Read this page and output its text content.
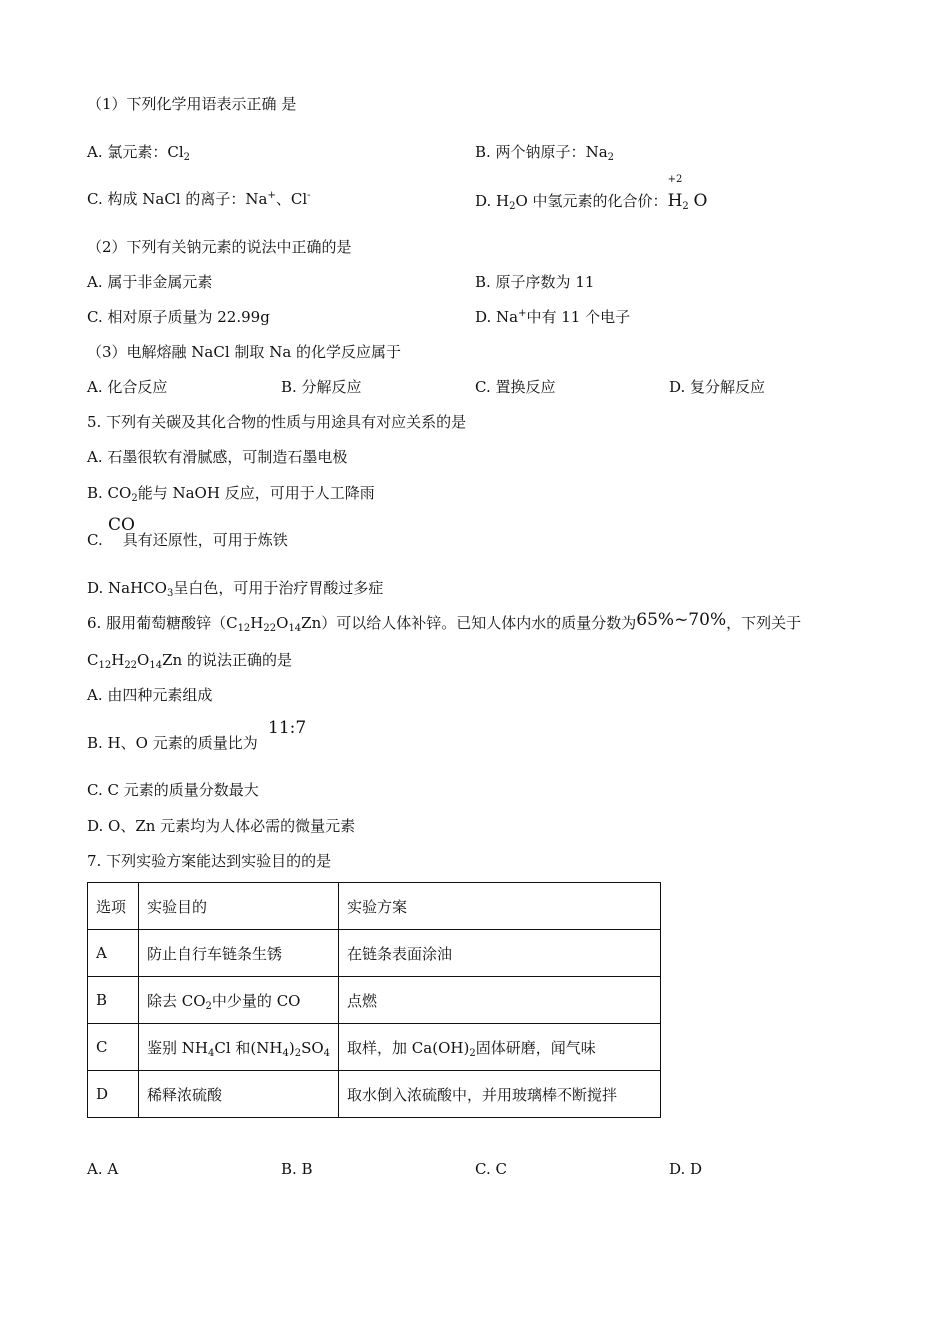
（1）下列化学用语表示正确 是
A. 氯元素：$Cl_2$	B. 两个钠原子：$Na_2$
C. 构成 NaCl 的离子：Na+、Cl-	D. $H_2O$ 中氢元素的化合价：
+2
$H_2$ O
（2）下列有关钠元素的说法中正确的是
A. 属于非金属元素	B. 原子序数为 11
C. 相对原子质量为 22.99g	D. Na+中有 11 个电子
（3）电解熔融 NaCl 制取 Na 的化学反应属于
A. 化合反应	B. 分解反应	C. 置换反应	D. 复分解反应
5. 下列有关碳及其化合物的性质与用途具有对应关系的是
A. 石墨很软有滑腻感，可制造石墨电极
B. $CO_2$能与 NaOH 反应，可用于人工降雨
C. 具有还原性，可用于炼铁
CO
D. NaHCO$_3$呈白色，可用于治疗胃酸过多症
6. 服用葡萄糖酸锌$(C_{12}H_{22}O_{14}Zn)$可以给人体补锌。已知人体内水的质量分数为65%~70%，下列关于
$C_{12}H_{22}O_{14}Zn$ 的说法正确的是
A. 由四种元素组成
B. H、O 元素的质量比为
11:7
C. C 元素的质量分数最大
D. O、Zn 元素均为人体必需的微量元素
7. 下列实验方案能达到实验目的的是
选项	实验目的	实验方案
A	防止自行车链条生锈	在链条表面涂油
B	除去 $CO_2$中少量的 CO	点燃
C	鉴别 $NH_4Cl$ 和$(NH_4)_2SO_4$	取样，加 $Ca(OH)_2$固体研磨，闻气味
D	稀释浓硫酸	取水倒入浓硫酸中，并用玻璃棒不断搅拌
A. A	B. B	C. C	D. D
